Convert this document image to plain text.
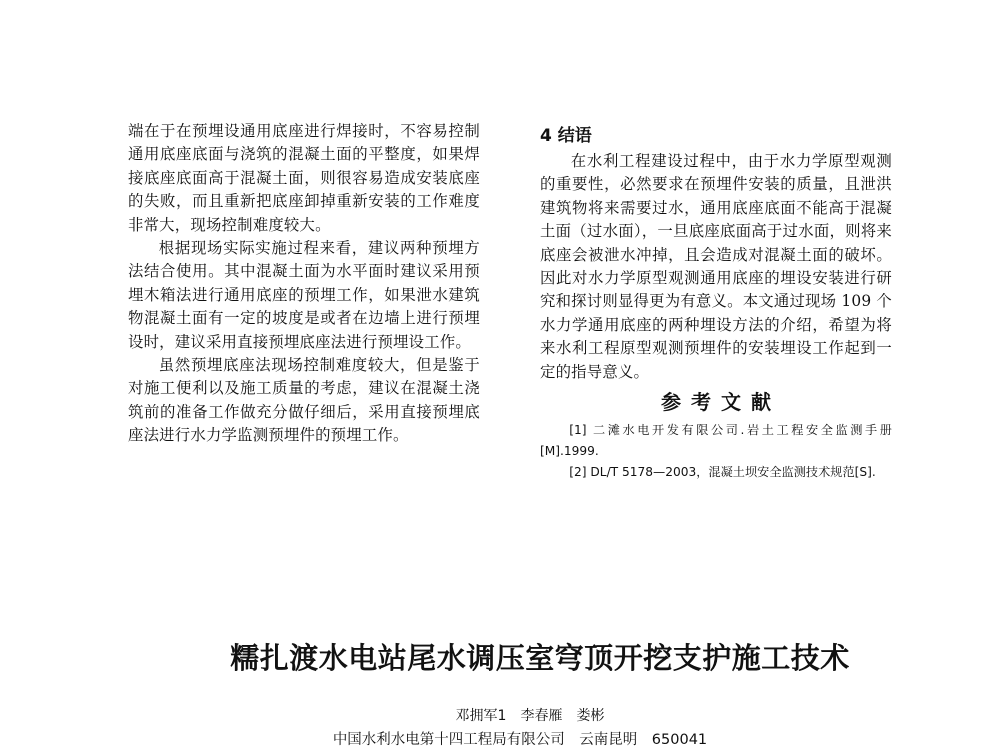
端在于在预埋设通用底座进行焊接时，不容易控制通用底座底面与浇筑的混凝土面的平整度，如果焊接底座底面高于混凝土面，则很容易造成安装底座的失败，而且重新把底座卸掉重新安装的工作难度非常大，现场控制难度较大。

根据现场实际实施过程来看，建议两种预埋方法结合使用。其中混凝土面为水平面时建议采用预埋木箱法进行通用底座的预埋工作，如果泄水建筑物混凝土面有一定的坡度是或者在边墙上进行预埋设时，建议采用直接预埋底座法进行预埋设工作。

虽然预埋底座法现场控制难度较大，但是鉴于对施工便利以及施工质量的考虑，建议在混凝土浇筑前的准备工作做充分做仔细后，采用直接预埋底座法进行水力学监测预埋件的预埋工作。

4 结语

在水利工程建设过程中，由于水力学原型观测的重要性，必然要求在预埋件安装的质量，且泄洪建筑物将来需要过水，通用底座底面不能高于混凝土面（过水面），一旦底座底面高于过水面，则将来底座会被泄水冲掉，且会造成对混凝土面的破坏。因此对水力学原型观测通用底座的埋设安装进行研究和探讨则显得更为有意义。本文通过现场 109 个水力学通用底座的两种埋设方法的介绍，希望为将来水利工程原型观测预埋件的安装埋设工作起到一定的指导意义。

参考文献

[1] 二滩水电开发有限公司.岩土工程安全监测手册[M].1999.

[2] DL/T 5178—2003，混凝土坝安全监测技术规范[S].

糯扎渡水电站尾水调压室穹顶开挖支护施工技术

邓拥军1　李春雁　娄彬

中国水利水电第十四工程局有限公司　云南昆明　650041
